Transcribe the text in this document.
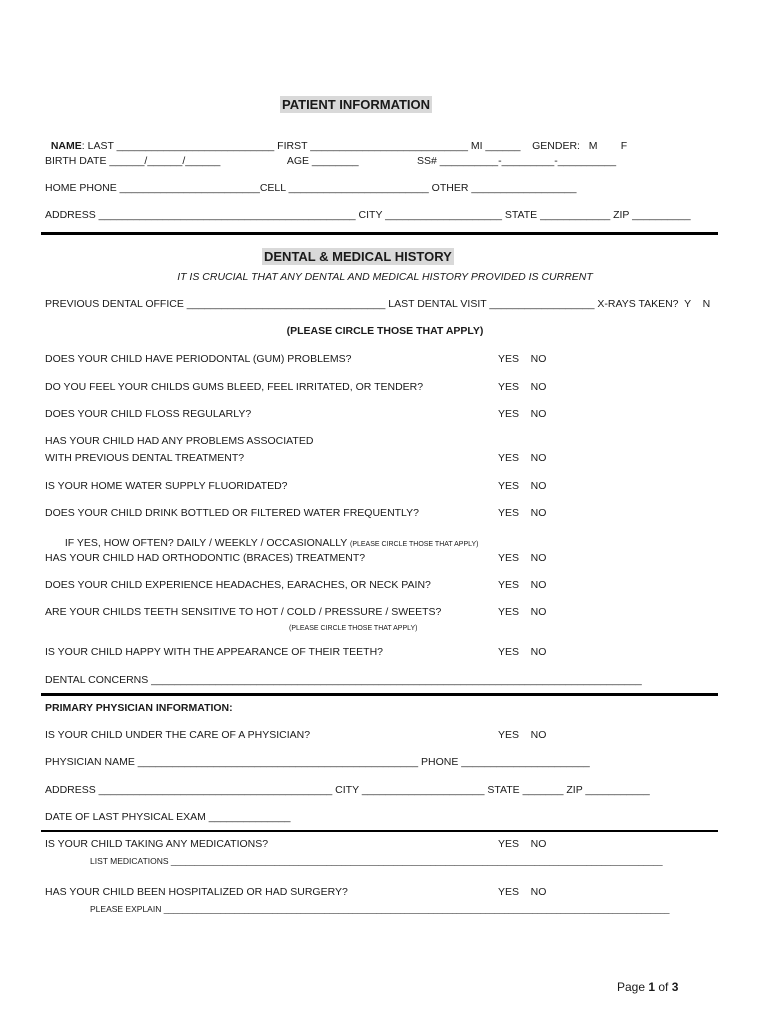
PATIENT INFORMATION

NAME: LAST ___________________________ FIRST ___________________________ MI ______    GENDER:   M        F

BIRTH DATE ______/______/______                       AGE ________                    SS# __________-_________-__________
HOME PHONE ________________________CELL ________________________ OTHER __________________
ADDRESS ____________________________________________ CITY ____________________ STATE ____________ ZIP __________
DENTAL & MEDICAL HISTORY
IT IS CRUCIAL THAT ANY DENTAL AND MEDICAL HISTORY PROVIDED IS CURRENT
PREVIOUS DENTAL OFFICE __________________________________ LAST DENTAL VISIT __________________ X-RAYS TAKEN?  Y    N
(PLEASE CIRCLE THOSE THAT APPLY)
DOES YOUR CHILD HAVE PERIODONTAL (GUM) PROBLEMS?	YES    NO
DO YOU FEEL YOUR CHILDS GUMS BLEED, FEEL IRRITATED, OR TENDER?	YES    NO
DOES YOUR CHILD FLOSS REGULARLY?	YES    NO
HAS YOUR CHILD HAD ANY PROBLEMS ASSOCIATED
WITH PREVIOUS DENTAL TREATMENT?	YES    NO
IS YOUR HOME WATER SUPPLY FLUORIDATED?	YES    NO
DOES YOUR CHILD DRINK BOTTLED OR FILTERED WATER FREQUENTLY?	YES    NO

IF YES, HOW OFTEN? DAILY / WEEKLY / OCCASIONALLY (PLEASE CIRCLE THOSE THAT APPLY)

HAS YOUR CHILD HAD ORTHODONTIC (BRACES) TREATMENT?	YES    NO
DOES YOUR CHILD EXPERIENCE HEADACHES, EARACHES, OR NECK PAIN?	YES    NO
ARE YOUR CHILDS TEETH SENSITIVE TO HOT / COLD / PRESSURE / SWEETS?	YES    NO
(PLEASE CIRCLE THOSE THAT APPLY)
IS YOUR CHILD HAPPY WITH THE APPEARANCE OF THEIR TEETH?	YES    NO
DENTAL CONCERNS ____________________________________________________________________________________
PRIMARY PHYSICIAN INFORMATION:
IS YOUR CHILD UNDER THE CARE OF A PHYSICIAN?	YES    NO
PHYSICIAN NAME ________________________________________________ PHONE ______________________
ADDRESS ________________________________________ CITY _____________________ STATE _______ ZIP ___________
DATE OF LAST PHYSICAL EXAM ______________
IS YOUR CHILD TAKING ANY MEDICATIONS?	YES    NO
LIST MEDICATIONS ________________________________________________________________________________________________________
HAS YOUR CHILD BEEN HOSPITALIZED OR HAD SURGERY?	YES    NO
PLEASE EXPLAIN ___________________________________________________________________________________________________________
Page 1 of 3
